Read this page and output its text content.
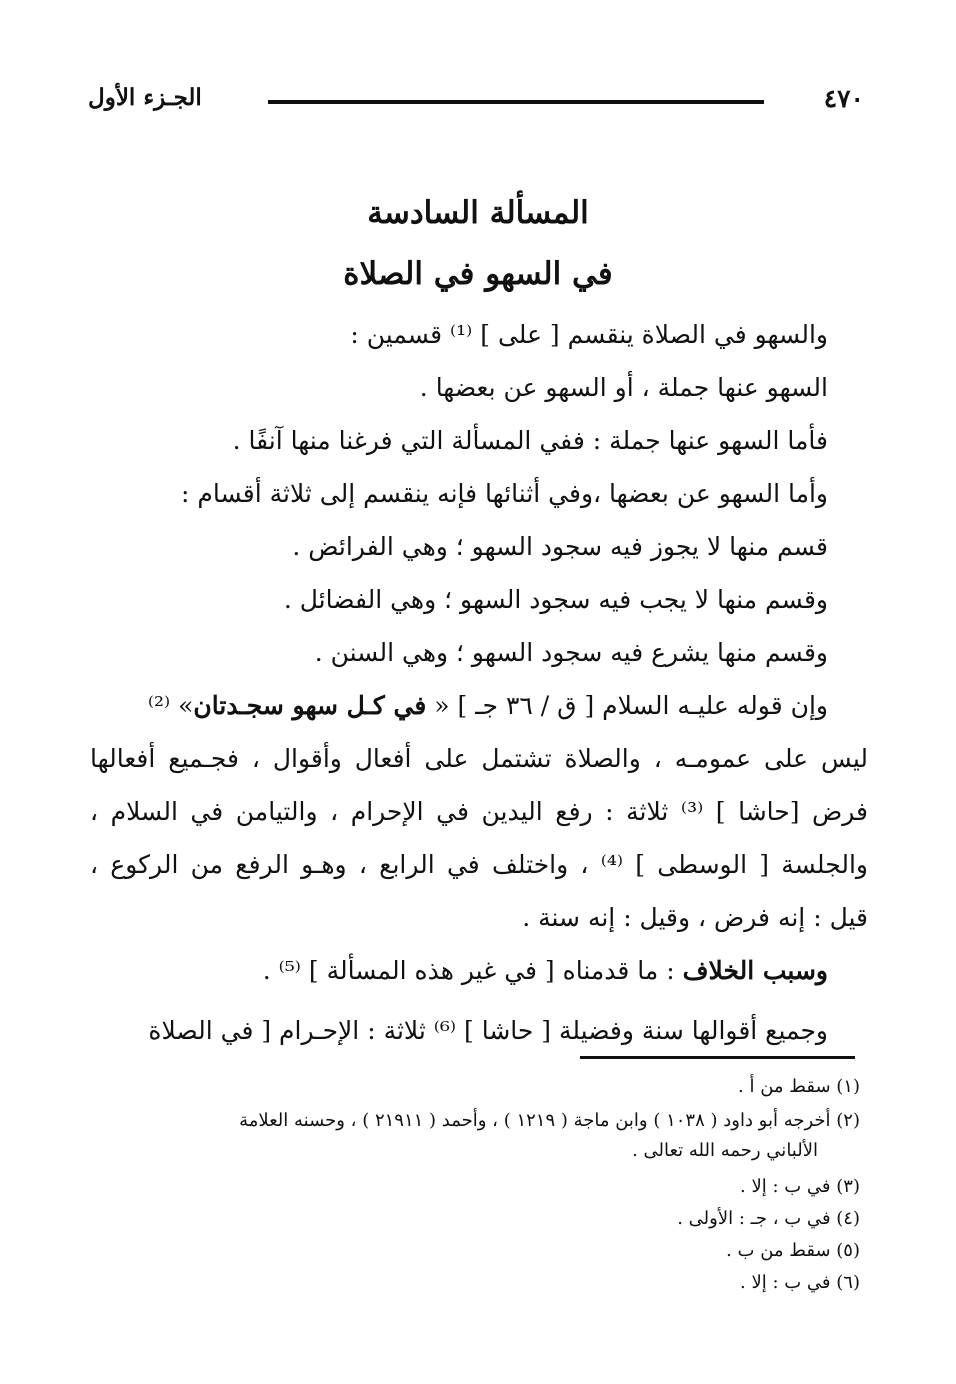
٤٧٠
الجـزء الأول
المسألة السادسة
في السهو في الصلاة
والسهو في الصلاة ينقسم [ على ] ⁽¹⁾ قسمين :
السهو عنها جملة ، أو السهو عن بعضها .
فأما السهو عنها جملة : ففي المسألة التي فرغنا منها آنفًا .
وأما السهو عن بعضها ،وفي أثنائها فإنه ينقسم إلى ثلاثة أقسام :
قسم منها لا يجوز فيه سجود السهو ؛ وهي الفرائض .
وقسم منها لا يجب فيه سجود السهو ؛ وهي الفضائل .
وقسم منها يشرع فيه سجود السهو ؛ وهي السنن .
وإن قوله عليـه السلام [ ق / ٣٦ جـ ] « في كـل سهو سجـدتان» ⁽²⁾
ليس على عمومـه ، والصلاة تشتمل على أفعال وأقوال ، فجـميع أفعالها
فرض [حاشا ] ⁽³⁾ ثلاثة : رفع اليدين في الإحرام ، والتيامن في السلام ،
والجلسة [ الوسطى ] ⁽⁴⁾ ، واختلف في الرابع ، وهـو الرفع من الركوع ،
قيل : إنه فرض ، وقيل : إنه سنة .
وسبب الخلاف : ما قدمناه [ في غير هذه المسألة ] ⁽⁵⁾ .
وجميع أقوالها سنة وفضيلة [ حاشا ] ⁽⁶⁾ ثلاثة : الإحـرام [ في الصلاة
(١) سقط من أ .
(٢) أخرجه أبو داود ( ١٠٣٨ ) وابن ماجة ( ١٢١٩ ) ، وأحمد ( ٢١٩١١ ) ، وحسنه العلامة
الألباني رحمه الله تعالى .
(٣) في ب : إلا .
(٤) في ب ، جـ : الأولى .
(٥) سقط من ب .
(٦) في ب : إلا .
